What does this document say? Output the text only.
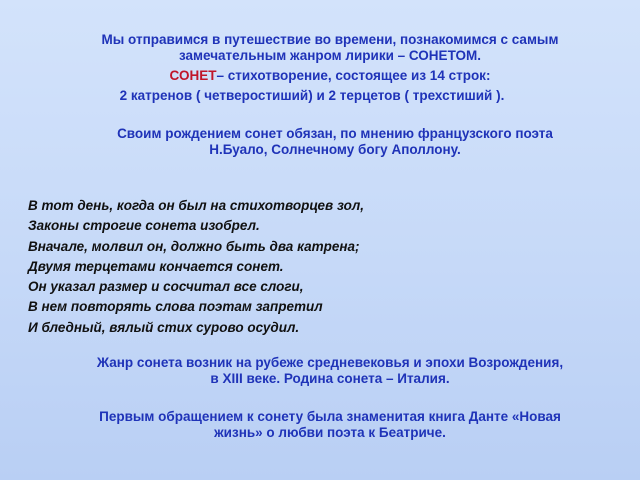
Мы отправимся в путешествие во времени, познакомимся с самым
замечательным жанром лирики – СОНЕТОМ.
СОНЕТ– стихотворение, состоящее из 14 строк:
2 катренов ( четверостиший) и 2 терцетов ( трехстиший ).
Своим рождением сонет обязан, по мнению французского поэта
Н.Буало, Солнечному богу Аполлону.
В тот день, когда он был на стихотворцев зол,
Законы строгие сонета изобрел.
Вначале, молвил он, должно быть два катрена;
Двумя терцетами кончается сонет.
Он указал размер и сосчитал все слоги,
В нем повторять слова поэтам запретил
И бледный, вялый стих сурово осудил.
Жанр сонета возник на рубеже средневековья и эпохи Возрождения,
в XIII веке. Родина сонета – Италия.
Первым обращением к сонету была знаменитая книга Данте «Новая
жизнь» о любви поэта к Беатриче.
